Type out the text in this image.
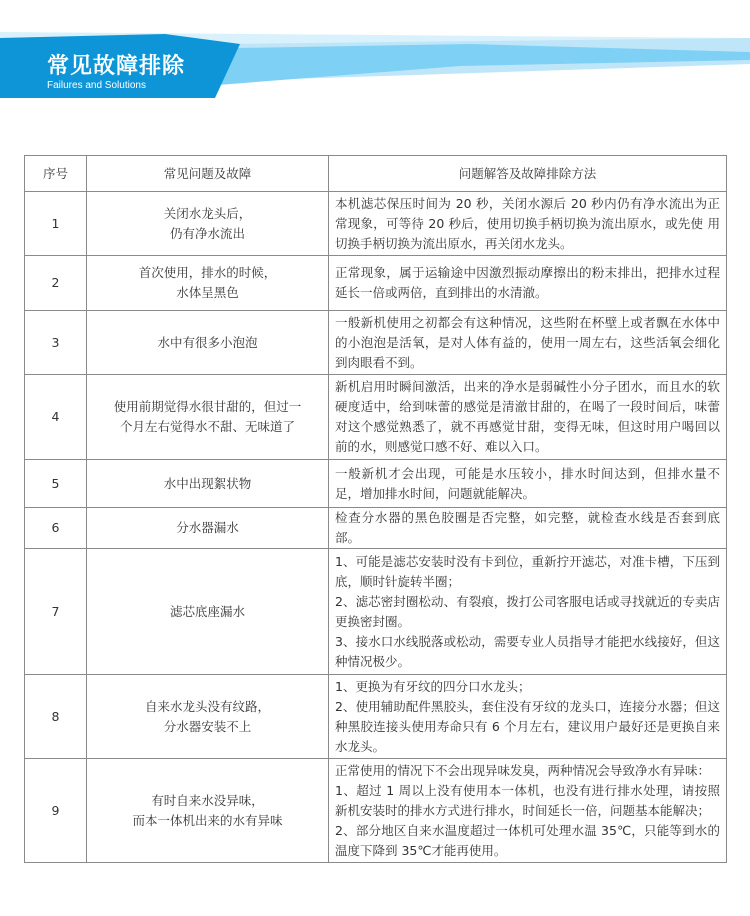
常见故障排除
Failures and Solutions
序号	常见问题及故障	问题解答及故障排除方法
1	关闭水龙头后，
仍有净水流出	本机滤芯保压时间为 20 秒，关闭水源后 20 秒内仍有净水流出为正常现象，可等待 20 秒后，使用切换手柄切换为流出原水，或先使 用切换手柄切换为流出原水，再关闭水龙头。

2	首次使用，排水的时候，
水体呈黑色	正常现象，属于运输途中因激烈振动摩擦出的粉末排出，把排水过程延长一倍或两倍，直到排出的水清澈。

3	水中有很多小泡泡	一般新机使用之初都会有这种情况，这些附在杯壁上或者飘在水体中的小泡泡是活氧，是对人体有益的，使用一周左右，这些活氧会细化到肉眼看不到。

4	使用前期觉得水很甘甜的，但过一
个月左右觉得水不甜、无味道了	新机启用时瞬间激活，出来的净水是弱碱性小分子团水，而且水的软硬度适中，给到味蕾的感觉是清澈甘甜的，在喝了一段时间后，味蕾对这个感觉熟悉了，就不再感觉甘甜，变得无味，但这时用户喝回以前的水，则感觉口感不好、难以入口。

5	水中出现絮状物	一般新机才会出现，可能是水压较小，排水时间达到，但排水量不足，增加排水时间，问题就能解决。

6	分水器漏水	检查分水器的黑色胶圈是否完整，如完整，就检查水线是否套到底部。

7	滤芯底座漏水	1、可能是滤芯安装时没有卡到位，重新拧开滤芯，对准卡槽，下压到底，顺时针旋转半圈；
2、滤芯密封圈松动、有裂痕，拨打公司客服电话或寻找就近的专卖店更换密封圈。
3、接水口水线脱落或松动，需要专业人员指导才能把水线接好，但这种情况极少。

8	自来水龙头没有纹路，
分水器安装不上	1、更换为有牙纹的四分口水龙头；
2、使用辅助配件黑胶头，套住没有牙纹的龙头口，连接分水器；但这种黑胶连接头使用寿命只有 6 个月左右，建议用户最好还是更换自来水龙头。

9	有时自来水没异味，
而本一体机出来的水有异味	正常使用的情况下不会出现异味发臭，两种情况会导致净水有异味：
1、超过 1 周以上没有使用本一体机，也没有进行排水处理，请按照新机安装时的排水方式进行排水，时间延长一倍，问题基本能解决；
2、部分地区自来水温度超过一体机可处理水温 35℃，只能等到水的温度下降到 35℃才能再使用。
